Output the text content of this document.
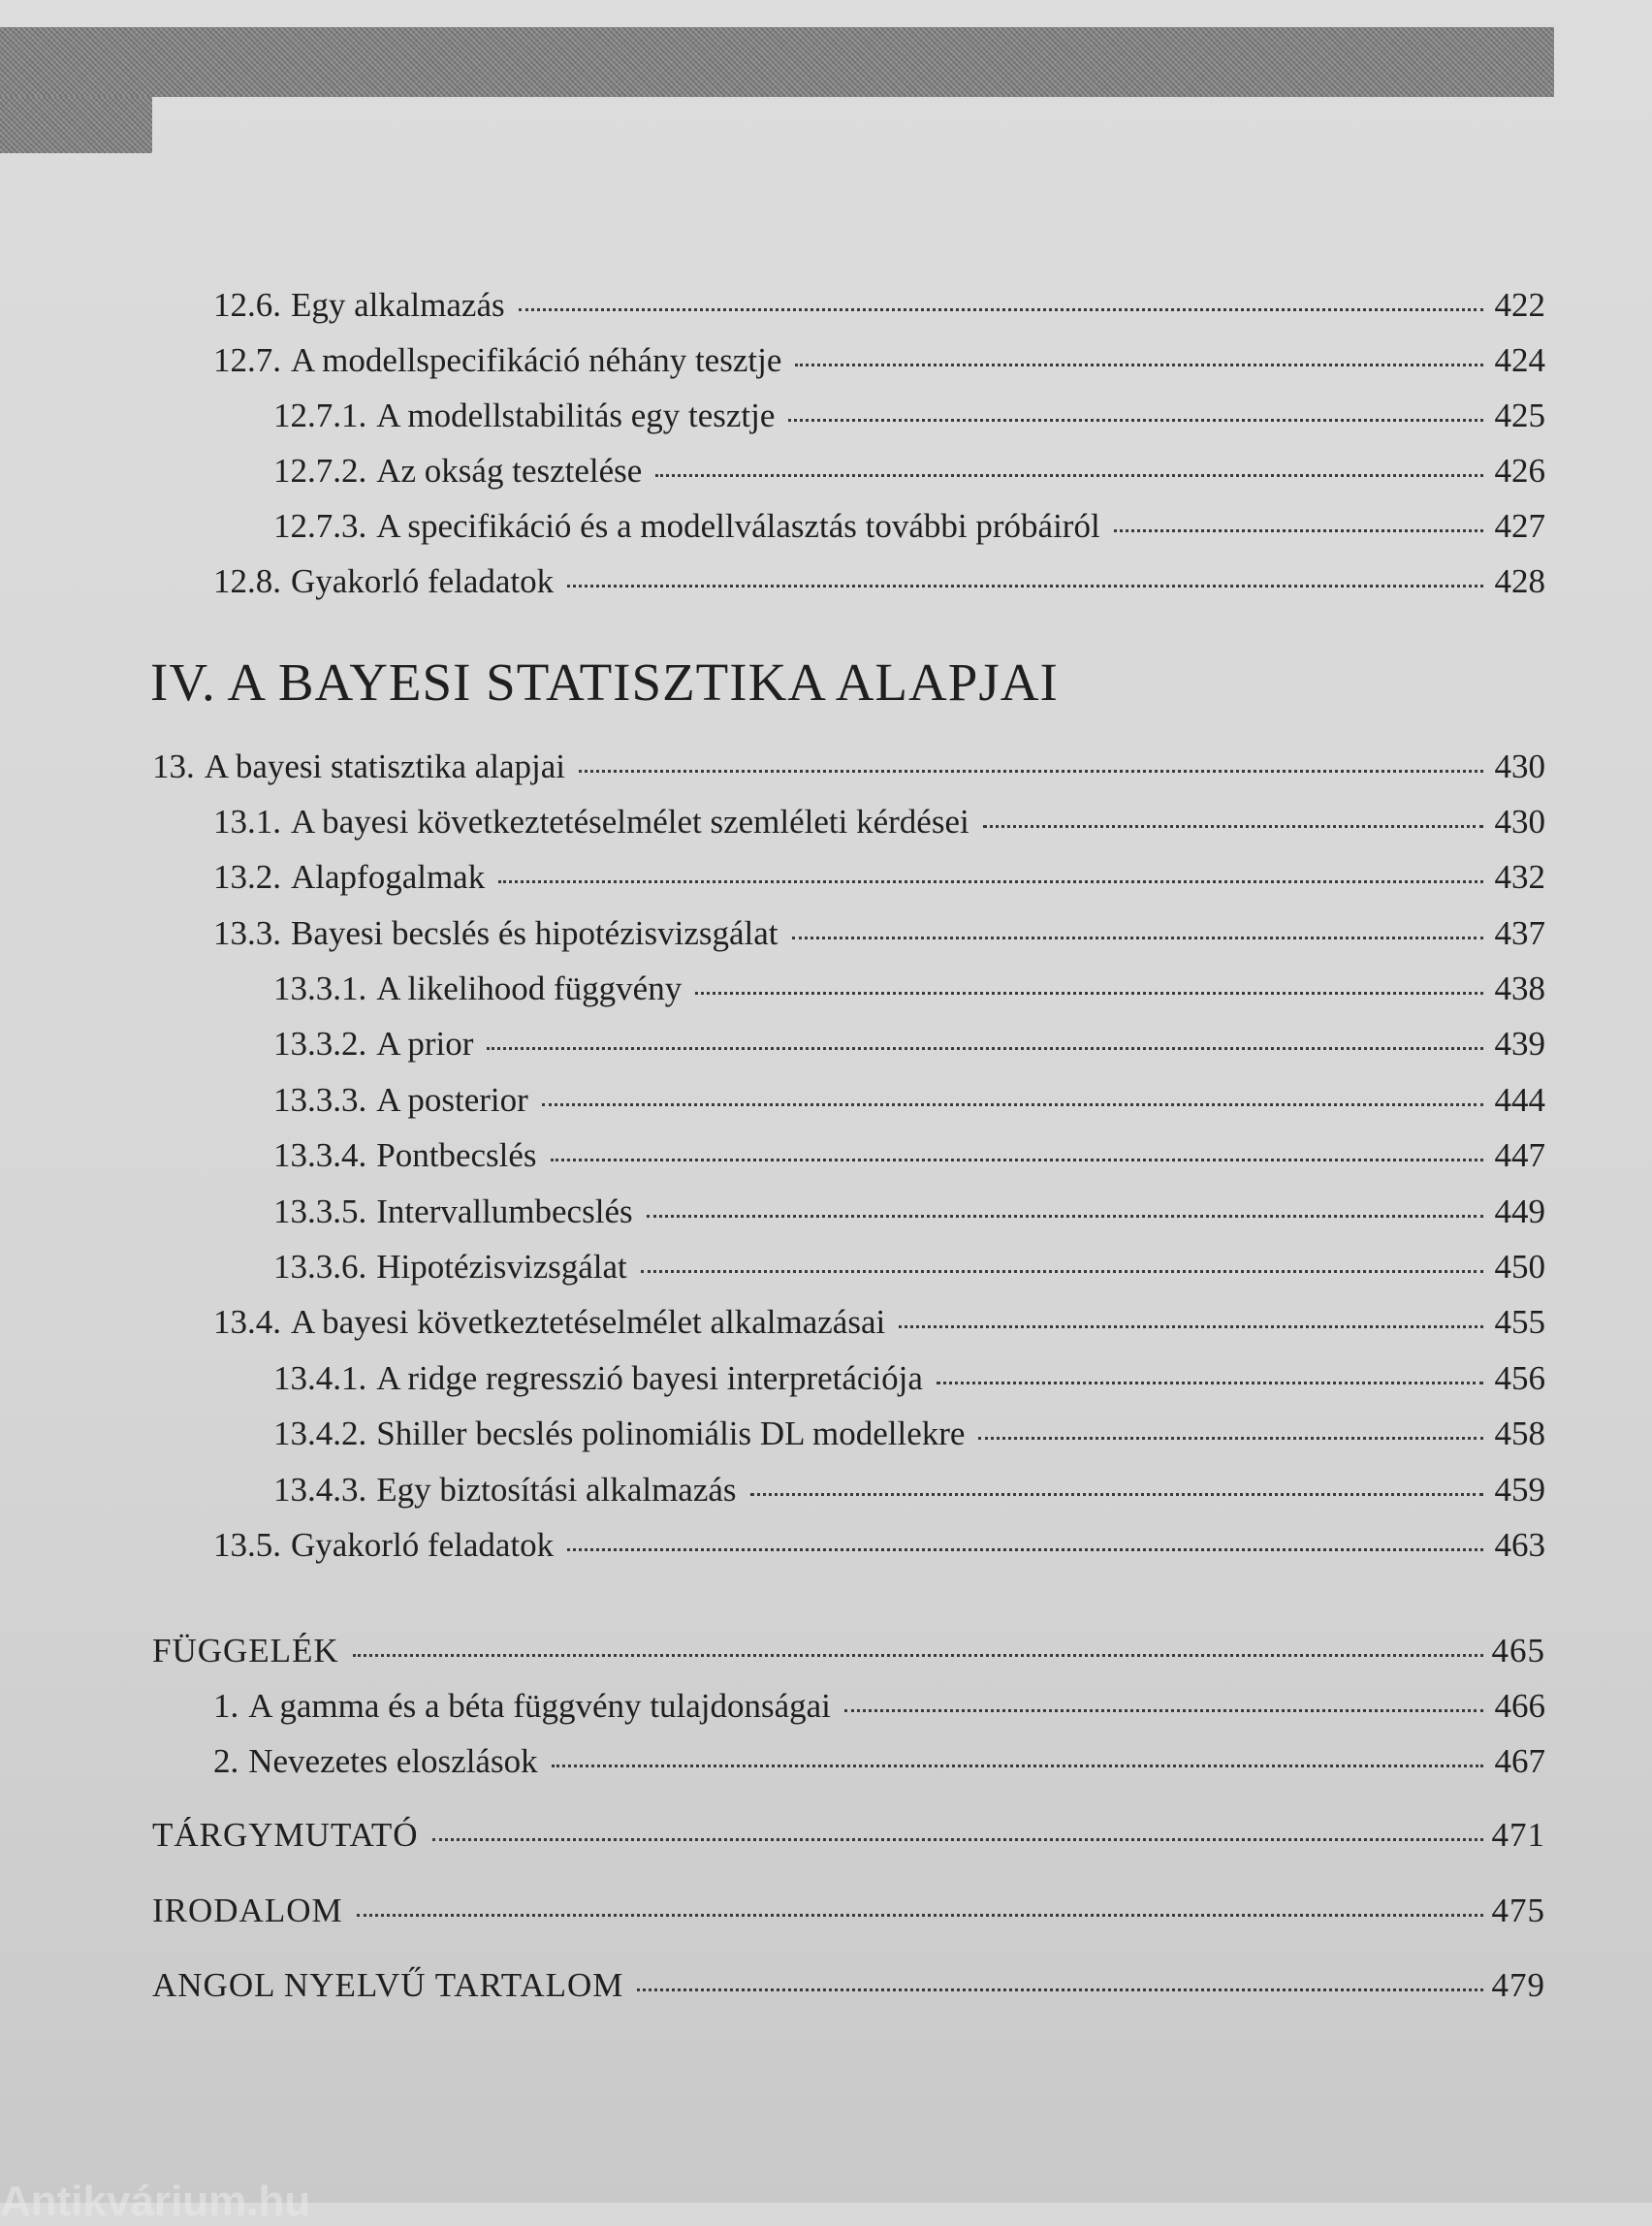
12.6. Egy alkalmazás	422
12.7. A modellspecifikáció néhány tesztje	424
12.7.1. A modellstabilitás egy tesztje	425
12.7.2. Az okság tesztelése	426
12.7.3. A specifikáció és a modellválasztás további próbáiról	427
12.8. Gyakorló feladatok	428
IV. A BAYESI STATISZTIKA ALAPJAI
13. A bayesi statisztika alapjai	430
13.1. A bayesi következtetéselmélet szemléleti kérdései	430
13.2. Alapfogalmak	432
13.3. Bayesi becslés és hipotézisvizsgálat	437
13.3.1. A likelihood függvény	438
13.3.2. A prior	439
13.3.3. A posterior	444
13.3.4. Pontbecslés	447
13.3.5. Intervallumbecslés	449
13.3.6. Hipotézisvizsgálat	450
13.4. A bayesi következtetéselmélet alkalmazásai	455
13.4.1. A ridge regresszió bayesi interpretációja	456
13.4.2. Shiller becslés polinomiális DL modellekre	458
13.4.3. Egy biztosítási alkalmazás	459
13.5. Gyakorló feladatok	463
FÜGGELÉK	465
1. A gamma és a béta függvény tulajdonságai	466
2. Nevezetes eloszlások	467
TÁRGYMUTATÓ	471
IRODALOM	475
ANGOL NYELVŰ TARTALOM	479
Antikvárium.hu
